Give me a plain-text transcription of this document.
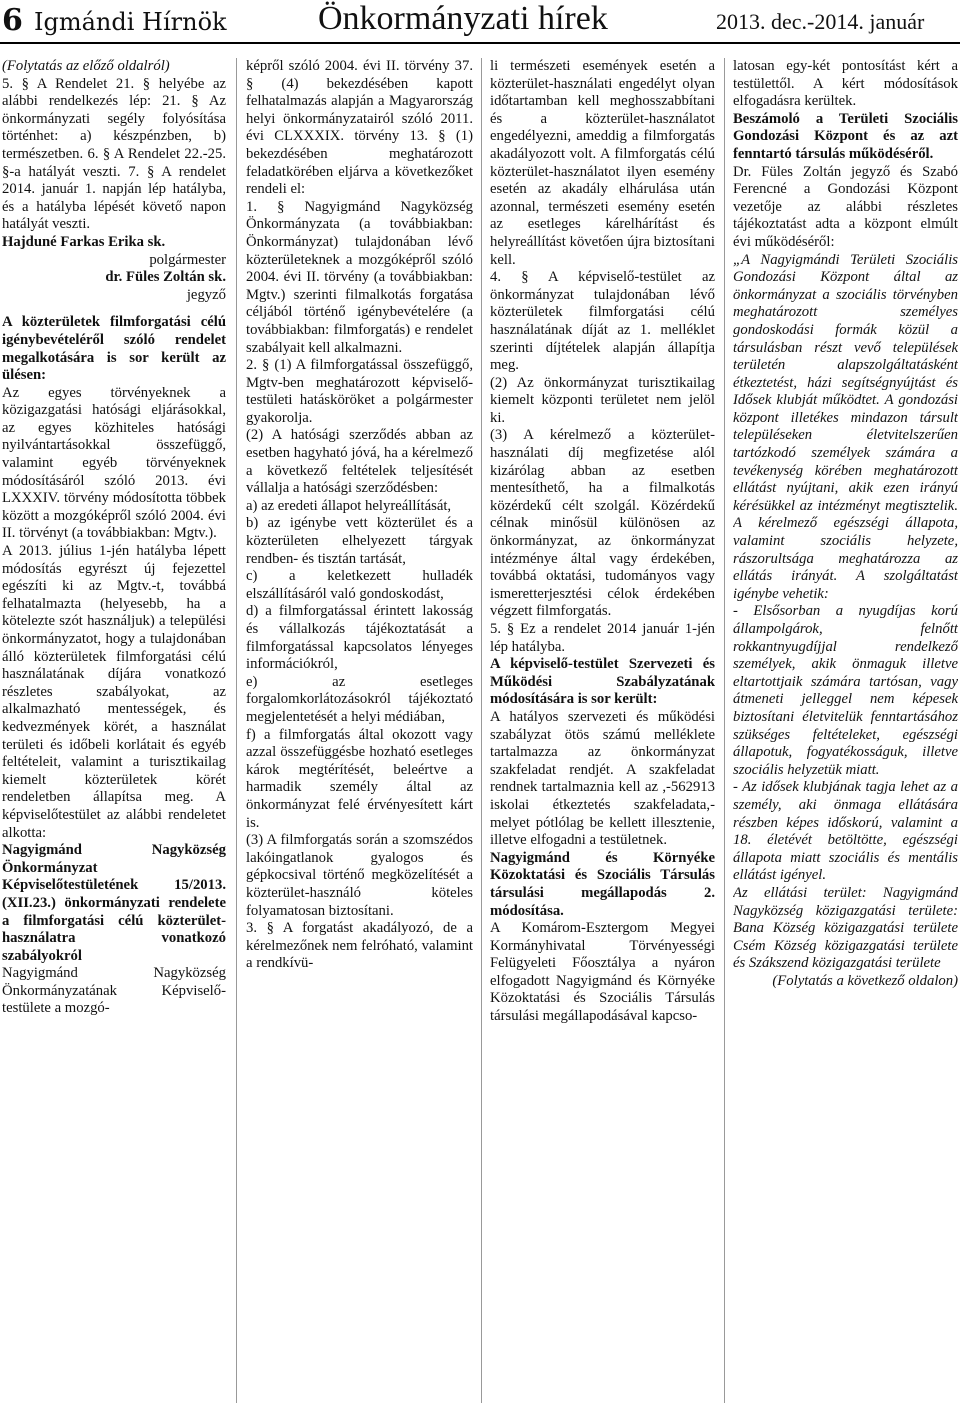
6 Igmándi Hírnök	Önkormányzati hírek	2013. dec.-2014. január

(Folytatás az előző oldalról)

5. § A Rendelet 21. § helyébe az alábbi rendelkezés lép: 21. § Az önkormányzati segély folyósítása történhet: a) készpénzben, b) természetben. 6. § A Rendelet 22.-25. §-a hatályát veszti. 7. § A rendelet 2014. január 1. napján lép hatályba, és a hatályba lépését követő napon hatályát veszti.

Hajduné Farkas Erika sk.

polgármester

dr. Füles Zoltán sk.

jegyző

A közterületek filmforgatási célú igénybevételéről szóló rendelet megalkotására is sor került az ülésen:

Az egyes törvényeknek a közigazgatási hatósági eljárásokkal, az egyes közhiteles hatósági nyilvántartásokkal összefüggő, valamint egyéb törvényeknek módosításáról szóló 2013. évi LXXXIV. törvény módosította többek között a mozgóképről szóló 2004. évi II. törvényt (a továbbiakban: Mgtv.).

A 2013. július 1-jén hatályba lépett módosítás egyrészt új fejezettel egészíti ki az Mgtv.-t, továbbá felhatalmazta (helyesebb, ha a kötelezte szót használjuk) a települési önkormányzatot, hogy a tulajdonában álló közterületek filmforgatási célú használatának díjára vonatkozó részletes szabályokat, az alkalmazható mentességek, és kedvezmények körét, a használat területi és időbeli korlátait és egyéb feltételeit, valamint a turisztikailag kiemelt közterületek körét rendeletben állapítsa meg. A képviselőtestület az alábbi rendeletet alkotta:

Nagyigmánd Nagyközség Önkormányzat Képviselőtestületének 15/2013. (XII.23.) önkormányzati rendelete a filmforgatási célú közterület-használatra vonatkozó szabályokról

Nagyigmánd Nagyközség Önkormányzatának Képviselő-testülete a mozgó-

képről szóló 2004. évi II. törvény 37. § (4) bekezdésében kapott felhatalmazás alapján a Magyarország helyi önkormányzatairól szóló 2011. évi CLXXXIX. törvény 13. § (1) bekezdésében meghatározott feladatkörében eljárva a következőket rendeli el:

1. § Nagyigmánd Nagyközség Önkormányzata (a továbbiakban: Önkormányzat) tulajdonában lévő közterületeknek a mozgóképről szóló 2004. évi II. törvény (a továbbiakban: Mgtv.) szerinti filmalkotás forgatása céljából történő igénybevételére (a továbbiakban: filmforgatás) e rendelet szabályait kell alkalmazni.

2. § (1) A filmforgatással összefüggő, Mgtv-ben meghatározott képviselő-testületi hatásköröket a polgármester gyakorolja.

(2) A hatósági szerződés abban az esetben hagyható jóvá, ha a kérelmező a következő feltételek teljesítését vállalja a hatósági szerződésben:

a) az eredeti állapot helyreállítását,

b) az igénybe vett közterület és a közterületen elhelyezett tárgyak rendben- és tisztán tartását,

c) a keletkezett hulladék elszállításáról való gondoskodást,

d) a filmforgatással érintett lakosság és vállalkozás tájékoztatását a filmforgatással kapcsolatos lényeges információkról,

e) az esetleges forgalomkorlátozásokról tájékoztató megjelentetését a helyi médiában,

f) a filmforgatás által okozott vagy azzal összefüggésbe hozható esetleges károk megtérítését, beleértve a harmadik személy által az önkormányzat felé érvényesített kárt is.

(3) A filmforgatás során a szomszédos lakóingatlanok gyalogos és gépkocsival történő megközelítését a közterület-használó köteles folyamatosan biztosítani.

3. § A forgatást akadályozó, de a kérelmezőnek nem felróható, valamint a rendkívü-

li természeti események esetén a közterület-használati engedélyt olyan időtartamban kell meghosszabbítani és a közterület-használatot engedélyezni, ameddig a filmforgatás akadályozott volt. A filmforgatás célú közterület-használatot ilyen esemény esetén az akadály elhárulása után azonnal, természeti esemény esetén az esetleges kárelhárítást és helyreállítást követően újra biztosítani kell.

4. § A képviselő-testület az önkormányzat tulajdonában lévő közterületek filmforgatási célú használatának díját az 1. melléklet szerinti díjtételek alapján állapítja meg.

(2) Az önkormányzat turisztikailag kiemelt központi területet nem jelöl ki.

(3) A kérelmező a közterület-használati díj megfizetése alól kizárólag abban az esetben mentesíthető, ha a filmalkotás közérdekű célt szolgál. Közérdekű célnak minősül különösen az önkormányzat, az önkormányzat intézménye által vagy érdekében, továbbá oktatási, tudományos vagy ismeretterjesztési célok érdekében végzett filmforgatás.

5. § Ez a rendelet 2014 január 1-jén lép hatályba.

A képviselő-testület Szervezeti és Működési Szabályzatának módosítására is sor került:

A hatályos szervezeti és működési szabályzat ötös számú melléklete tartalmazza az önkormányzat szakfeladat rendjét. A szakfeladat rendnek tartalmaznia kell az ,-562913 iskolai étkeztetés szakfeladata,- melyet pótlólag be kellett illesztenie, illetve elfogadni a testületnek.

Nagyigmánd és Környéke Közoktatási és Szociális Társulás társulási megállapodás 2. módosítása.

A Komárom-Esztergom Megyei Kormányhivatal Törvényességi Felügyeleti Főosztálya a nyáron elfogadott Nagyigmánd és Környéke Közoktatási és Szociális Társulás társulási megállapodásával kapcso-

latosan egy-két pontosítást kért a testülettől. A kért módosítások elfogadásra kerültek.

Beszámoló a Területi Szociális Gondozási Központ és az azt fenntartó társulás működéséről.

Dr. Füles Zoltán jegyző és Szabó Ferencné a Gondozási Központ vezetője az alábbi részletes tájékoztatást adta a központ elmúlt évi működéséről:

„A Nagyigmándi Területi Szociális Gondozási Központ által az önkormányzat a szociális törvényben meghatározott személyes gondoskodási formák közül a társulásban részt vevő települések területén alapszolgáltatásként étkeztetést, házi segítségnyújtást és Idősek klubját működtet. A gondozási központ illetékes mindazon társult településeken életvitelszerűen tartózkodó személyek számára a tevékenység körében meghatározott ellátást nyújtani, akik ezen irányú kérésükkel az intézményt megtisztelik. A kérelmező egészségi állapota, valamint szociális helyzete, rászorultsága meghatározza az ellátás irányát. A szolgáltatást igénybe vehetik:

- Elsősorban a nyugdíjas korú állampolgárok, felnőtt rokkantnyugdíjjal rendelkező személyek, akik önmaguk illetve eltartottjaik számára tartósan, vagy átmeneti jelleggel nem képesek biztosítani életvitelük fenntartásához szükséges feltételeket, egészségi állapotuk, fogyatékosságuk, illetve szociális helyzetük miatt.

- Az idősek klubjának tagja lehet az a személy, aki önmaga ellátására részben képes időskorú, valamint a 18. életévét betöltötte, egészségi állapota miatt szociális és mentális ellátást igényel.

Az ellátási terület: Nagyigmánd Nagyközség közigazgatási területe: Bana Község közigazgatási területe Csém Község közigazgatási területe és Szákszend közigazgatási területe

(Folytatás a következő oldalon)
